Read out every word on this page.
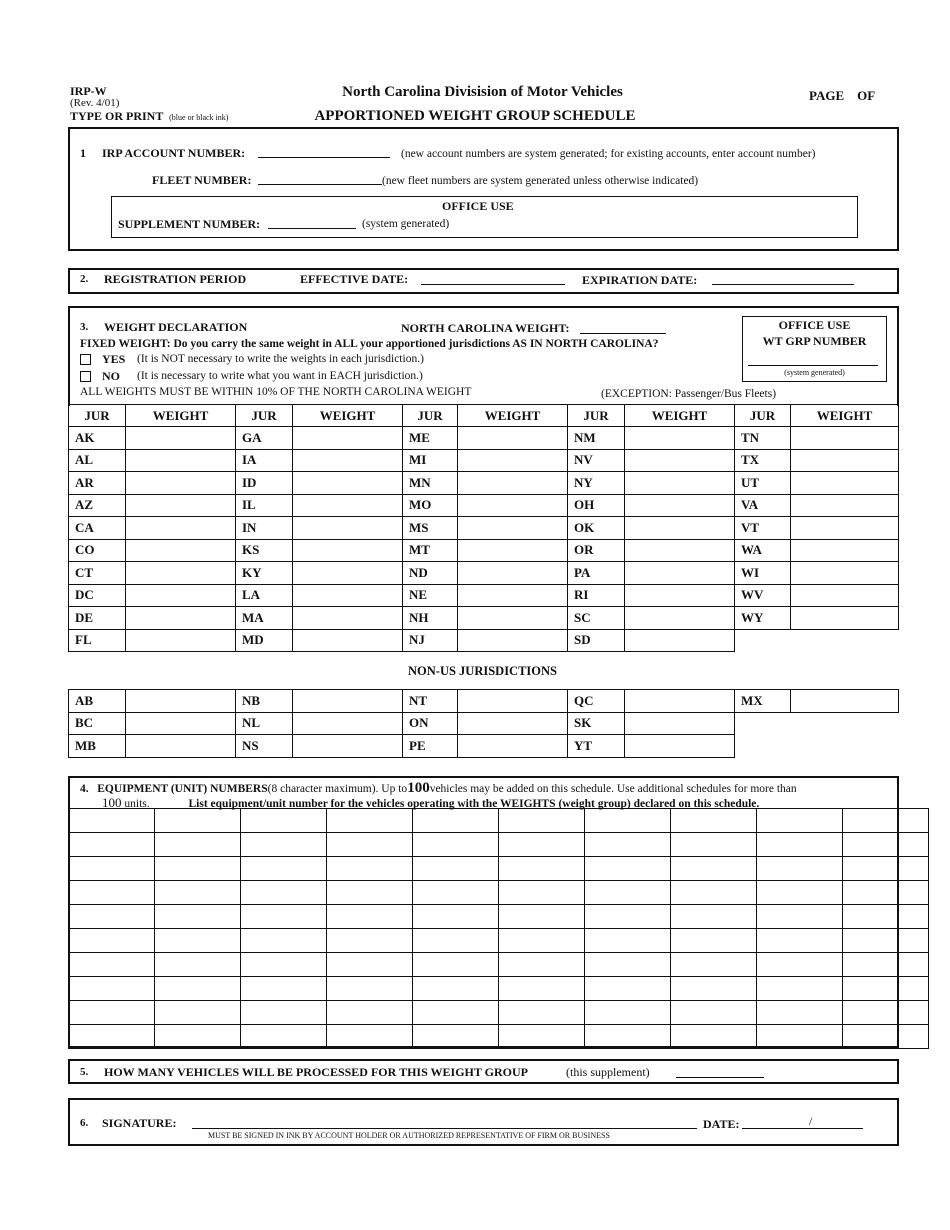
IRP-W
(Rev. 4/01)
TYPE OR PRINT (blue or black ink)
North Carolina Divisision of Motor Vehicles
APPORTIONED WEIGHT GROUP SCHEDULE
PAGE OF
1 IRP ACCOUNT NUMBER:	(new account numbers are system generated; for existing accounts, enter account number)
FLEET NUMBER:	(new fleet numbers are system generated unless otherwise indicated)
OFFICE USE
SUPPLEMENT NUMBER:	(system generated)
2. REGISTRATION PERIOD	EFFECTIVE DATE:	EXPIRATION DATE:
3. WEIGHT DECLARATION	NORTH CAROLINA WEIGHT:
FIXED WEIGHT: Do you carry the same weight in ALL your apportioned jurisdictions AS IN NORTH CAROLINA?
YES (It is NOT necessary to write the weights in each jurisdiction.)
NO (It is necessary to write what you want in EACH jurisdiction.)
ALL WEIGHTS MUST BE WITHIN 10% OF THE NORTH CAROLINA WEIGHT	(EXCEPTION: Passenger/Bus Fleets)
OFFICE USE
WT GRP NUMBER
(system generated)
JUR	WEIGHT	JUR	WEIGHT	JUR	WEIGHT	JUR	WEIGHT	JUR	WEIGHT
AK		GA		ME		NM		TN	
AL		IA		MI		NV		TX	
AR		ID		MN		NY		UT	
AZ		IL		MO		OH		VA	
CA		IN		MS		OK		VT	
CO		KS		MT		OR		WA	
CT		KY		ND		PA		WI	
DC		LA		NE		RI		WV	
DE		MA		NH		SC		WY	
FL		MD		NJ		SD		
NON-US JURISDICTIONS
AB		NB		NT		QC		MX	
BC		NL		ON		SK		
MB		NS		PE		YT		
4. EQUIPMENT (UNIT) NUMBERS(8 character maximum). Up to100vehicles may be added on this schedule. Use additional schedules for more than
100 units.	List equipment/unit number for the vehicles operating with the WEIGHTS (weight group) declared on this schedule.

5. HOW MANY VEHICLES WILL BE PROCESSED FOR THIS WEIGHT GROUP	(this supplement)
6. SIGNATURE:	DATE:	/
MUST BE SIGNED IN INK BY ACCOUNT HOLDER OR AUTHORIZED REPRESENTATIVE OF FIRM OR BUSINESS
